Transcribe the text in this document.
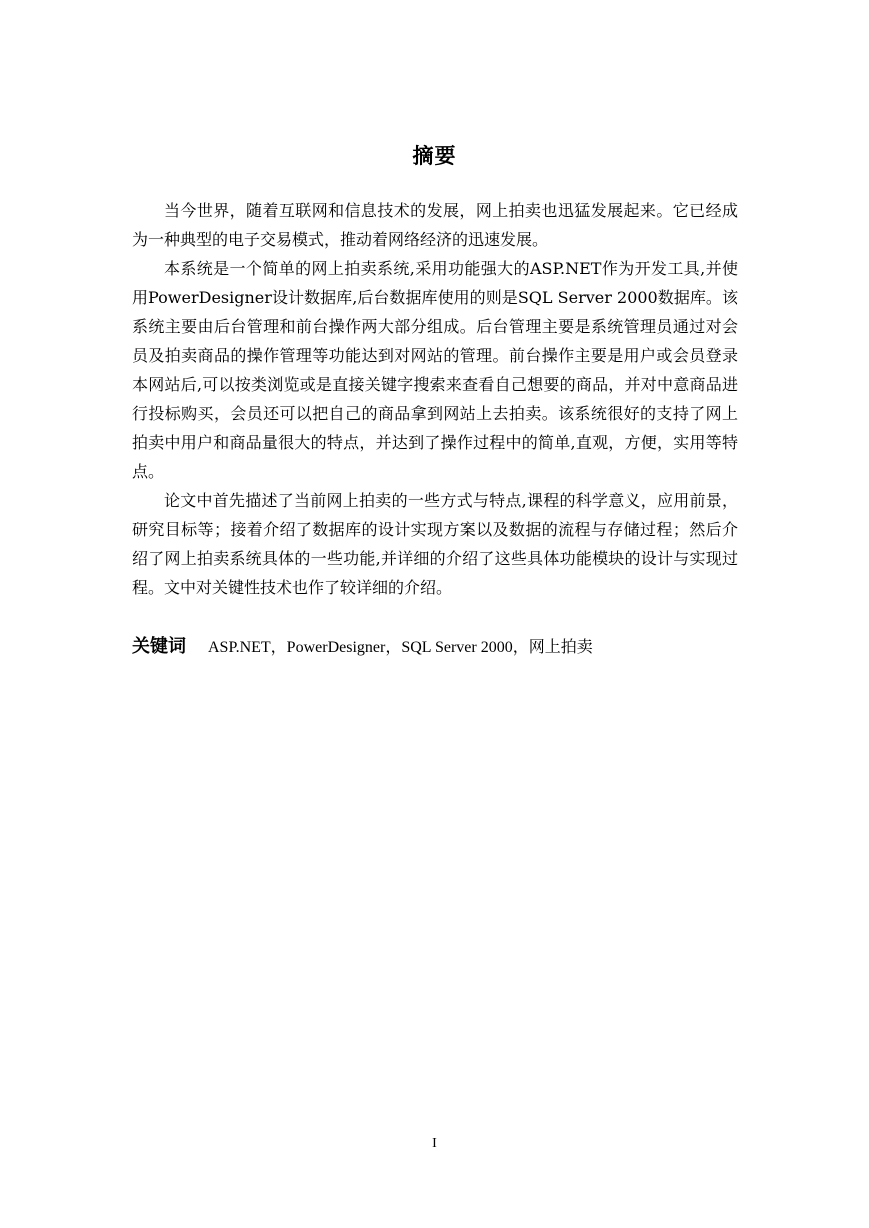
摘要

当今世界，随着互联网和信息技术的发展，网上拍卖也迅猛发展起来。它已经成为一种典型的电子交易模式，推动着网络经济的迅速发展。

本系统是一个简单的网上拍卖系统,采用功能强大的ASP.NET作为开发工具,并使用PowerDesigner设计数据库,后台数据库使用的则是SQL Server 2000数据库。该系统主要由后台管理和前台操作两大部分组成。后台管理主要是系统管理员通过对会员及拍卖商品的操作管理等功能达到对网站的管理。前台操作主要是用户或会员登录本网站后,可以按类浏览或是直接关键字搜索来查看自己想要的商品，并对中意商品进行投标购买，会员还可以把自己的商品拿到网站上去拍卖。该系统很好的支持了网上拍卖中用户和商品量很大的特点，并达到了操作过程中的简单,直观，方便，实用等特点。

论文中首先描述了当前网上拍卖的一些方式与特点,课程的科学意义，应用前景，研究目标等；接着介绍了数据库的设计实现方案以及数据的流程与存储过程；然后介绍了网上拍卖系统具体的一些功能,并详细的介绍了这些具体功能模块的设计与实现过程。文中对关键性技术也作了较详细的介绍。

关键词 ASP.NET，PowerDesigner，SQL Server 2000，网上拍卖
I
